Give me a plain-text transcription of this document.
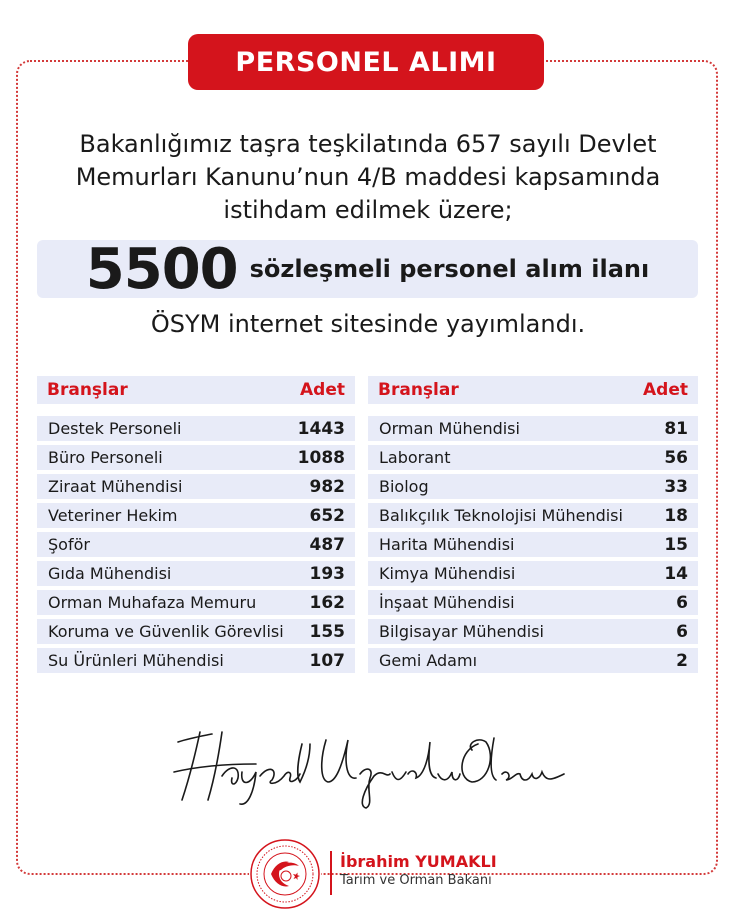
PERSONEL ALIMI
Bakanlığımız taşra teşkilatında 657 sayılı Devlet
Memurları Kanunu’nun 4/B maddesi kapsamında
istihdam edilmek üzere;
5500 sözleşmeli personel alım ilanı
ÖSYM internet sitesinde yayımlandı.
Branşlar	Adet
Destek Personeli	1443
Büro Personeli	1088
Ziraat Mühendisi	982
Veteriner Hekim	652
Şoför	487
Gıda Mühendisi	193
Orman Muhafaza Memuru	162
Koruma ve Güvenlik Görevlisi 155
Su Ürünleri Mühendisi	107
Branşlar	Adet
Orman Mühendisi	81
Laborant	56
Biolog	33
Balıkçılık Teknolojisi Mühendisi 18
Harita Mühendisi	15
Kimya Mühendisi	14
İnşaat Mühendisi	6
Bilgisayar Mühendisi	6
Gemi Adamı	2
İbrahim YUMAKLI
Tarım ve Orman Bakanı
